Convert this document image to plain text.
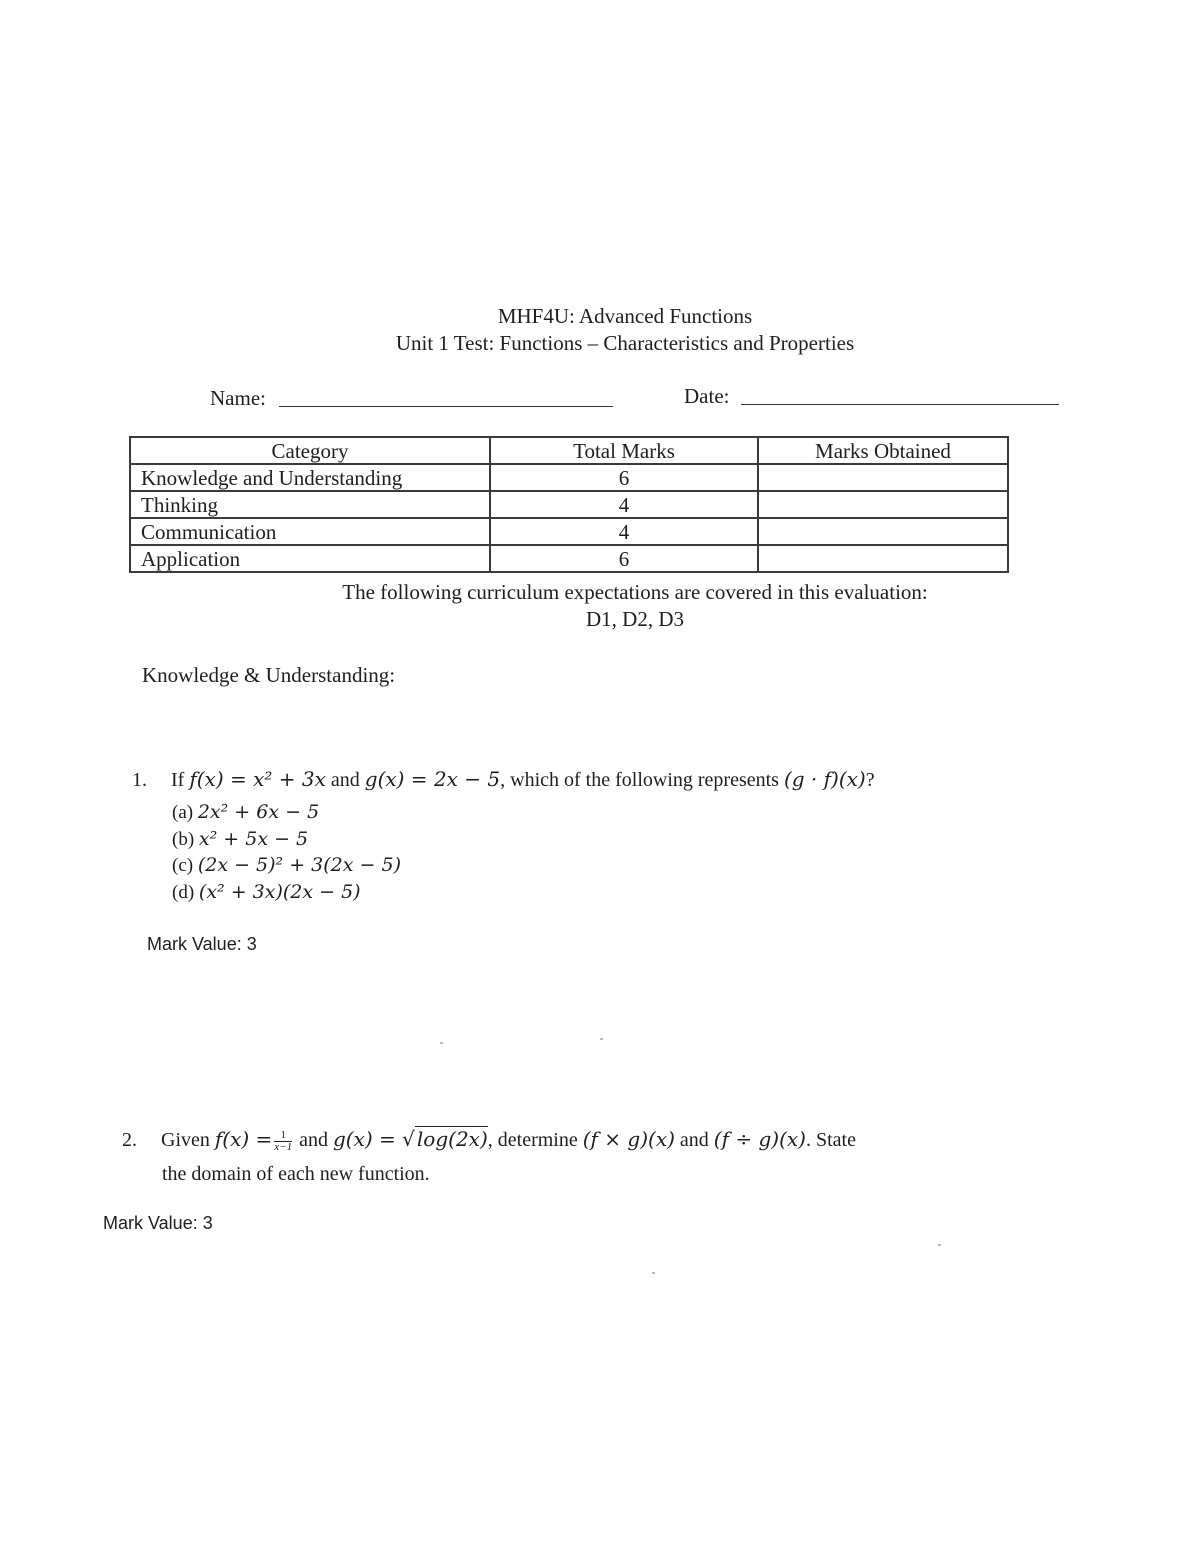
MHF4U: Advanced Functions
Unit 1 Test: Functions – Characteristics and Properties
Name:	Date:
Category	Total Marks	Marks Obtained
Knowledge and Understanding	6	
Thinking	4	
Communication	4	
Application	6	
The following curriculum expectations are covered in this evaluation:
D1, D2, D3
Knowledge & Understanding:
1. If f(x) = x² + 3x and g(x) = 2x − 5, which of the following represents (g · f)(x)?
(a) 2x² + 6x − 5
(b) x² + 5x − 5
(c) (2x − 5)² + 3(2x − 5)
(d) (x² + 3x)(2x − 5)
Mark Value: 3
2. Given $f(x) = \frac{1}{x-1}$ and g(x) = √ log(2x), determine (f × g)(x) and (f ÷ g)(x). State
the domain of each new function.
Mark Value: 3
